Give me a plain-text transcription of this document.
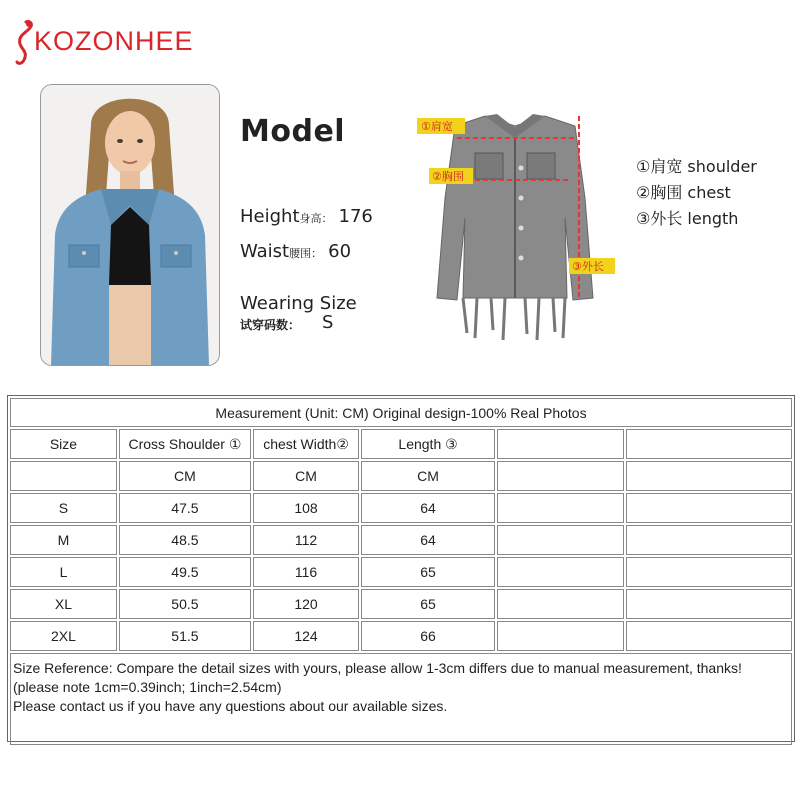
KOZONHEE
Model
Height身高： 176
Waist腰围： 60
Wearing Size
试穿码数： S
①肩宽
②胸围
③外长
①肩宽 shoulder
②胸围 chest
③外长 length
Measurement (Unit: CM) Original design-100% Real Photos					
Size	Cross Shoulder ①	chest Width②	Length ③		
	CM	CM	CM		
S	47.5	108	64		
M	48.5	112	64		
L	49.5	116	65		
XL	50.5	120	65		
2XL	51.5	124	66		

Size Reference: Compare the detail sizes with yours, please allow 1-3cm differs due to manual measurement, thanks!
(please note 1cm=0.39inch; 1inch=2.54cm)
Please contact us if you have any questions about our available sizes.					
